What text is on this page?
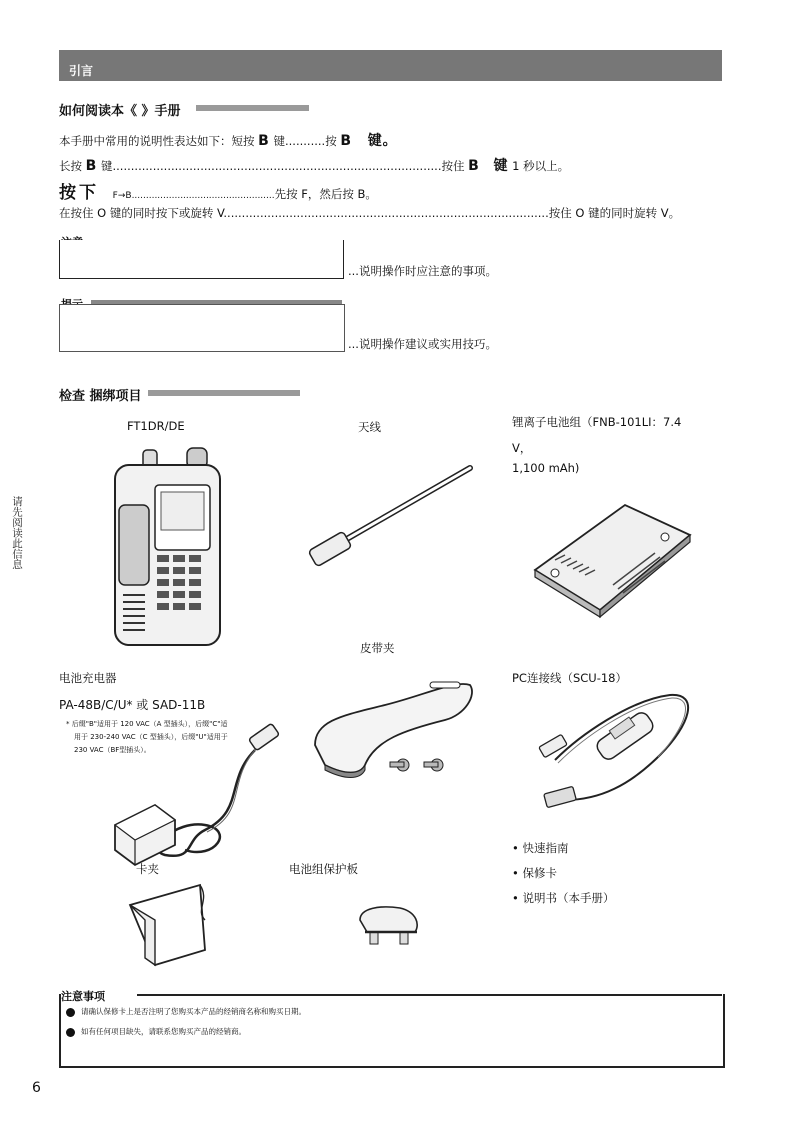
引言
如何阅读本《 》手册
本手册中常用的说明性表达如下：短按 B 键...........按 B 键。
长按 B 键..........................................................................................按住 B 键 1 秒以上。
按下 F→B..................................................先按 F，然后按 B。
在按住 O 键的同时按下或旋转 V.........................................................................................按住 O 键的同时旋转 V。
...说明操作时应注意的事项。
...说明操作建议或实用技巧。
检查 捆绑项目
FT1DR/DE	天线	锂离子电池组（FNB-101LI：7.4
V，
1,100 mAh)
皮带夹
电池充电器
PA-48B/C/U* 或 SAD-11B
* 后缀"B"适用于 120 VAC（A 型插头），后缀"C"适
用于 230-240 VAC（C 型插头），后缀"U"适用于
230 VAC（BF型插头）。
PC连接线（SCU-18）
卡夹	电池组保护板
• 快速指南
• 保修卡
• 说明书（本手册）
注意事项
请确认保修卡上是否注明了您购买本产品的经销商名称和购买日期。
如有任何项目缺失，请联系您购买产品的经销商。
请先阅读此信息
6
